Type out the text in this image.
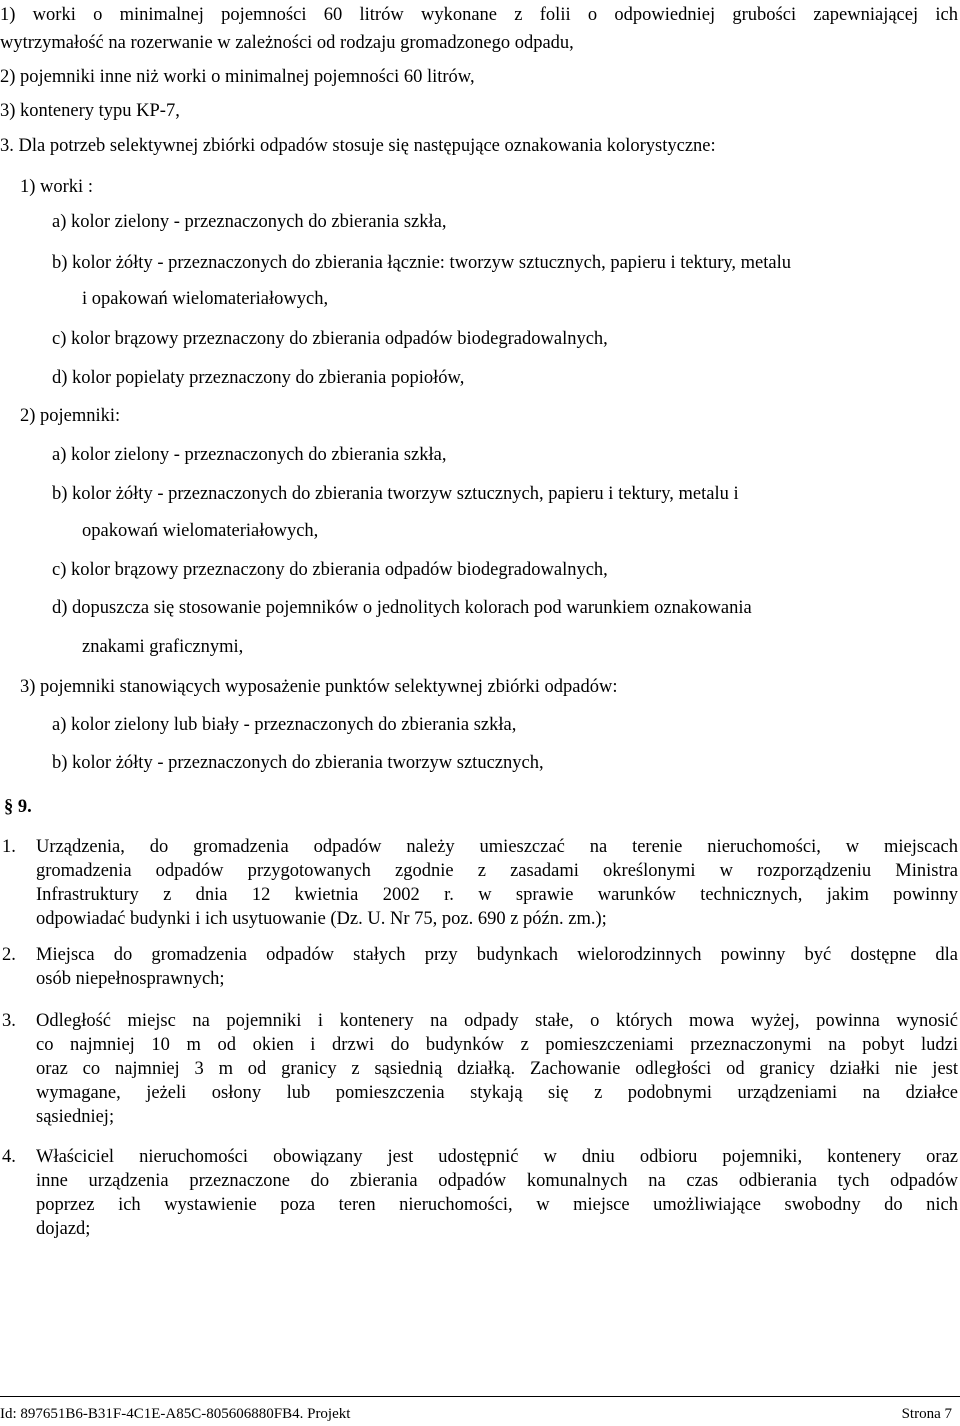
1) worki o minimalnej pojemności 60 litrów wykonane z folii o odpowiedniej grubości zapewniającej ich
wytrzymałość na rozerwanie w zależności od rodzaju gromadzonego odpadu,
2) pojemniki inne niż worki o minimalnej pojemności 60 litrów,
3) kontenery typu KP-7,
3. Dla potrzeb selektywnej zbiórki odpadów stosuje się następujące oznakowania kolorystyczne:
1) worki :
a) kolor zielony - przeznaczonych do zbierania szkła,
b) kolor żółty - przeznaczonych do zbierania łącznie: tworzyw sztucznych, papieru i tektury, metalu
i opakowań wielomateriałowych,
c) kolor brązowy przeznaczony do zbierania odpadów biodegradowalnych,
d) kolor popielaty przeznaczony do zbierania popiołów,
2) pojemniki:
a) kolor zielony - przeznaczonych do zbierania szkła,
b) kolor żółty - przeznaczonych do zbierania tworzyw sztucznych, papieru i tektury, metalu i
opakowań wielomateriałowych,
c) kolor brązowy przeznaczony do zbierania odpadów biodegradowalnych,
d) dopuszcza się stosowanie pojemników o jednolitych kolorach pod warunkiem oznakowania
znakami graficznymi,
3) pojemniki stanowiących wyposażenie punktów selektywnej zbiórki odpadów:
a) kolor zielony lub biały - przeznaczonych do zbierania szkła,
b) kolor żółty - przeznaczonych do zbierania tworzyw sztucznych,
§ 9.
1. Urządzenia, do gromadzenia odpadów należy umieszczać na terenie nieruchomości, w miejscach
gromadzenia odpadów przygotowanych zgodnie z zasadami określonymi w rozporządzeniu Ministra
Infrastruktury z dnia 12 kwietnia 2002 r. w sprawie warunków technicznych, jakim powinny
odpowiadać budynki i ich usytuowanie (Dz. U. Nr 75, poz. 690 z późn. zm.);
2. Miejsca do gromadzenia odpadów stałych przy budynkach wielorodzinnych powinny być dostępne dla
osób niepełnosprawnych;
3. Odległość miejsc na pojemniki i kontenery na odpady stałe, o których mowa wyżej, powinna wynosić
co najmniej 10 m od okien i drzwi do budynków z pomieszczeniami przeznaczonymi na pobyt ludzi
oraz co najmniej 3 m od granicy z sąsiednią działką. Zachowanie odległości od granicy działki nie jest
wymagane, jeżeli osłony lub pomieszczenia stykają się z podobnymi urządzeniami na działce
sąsiedniej;
4. Właściciel nieruchomości obowiązany jest udostępnić w dniu odbioru pojemniki, kontenery oraz
inne urządzenia przeznaczone do zbierania odpadów komunalnych na czas odbierania tych odpadów
poprzez ich wystawienie poza teren nieruchomości, w miejsce umożliwiające swobodny do nich
dojazd;
Id: 897651B6-B31F-4C1E-A85C-805606880FB4. Projekt	Strona 7
